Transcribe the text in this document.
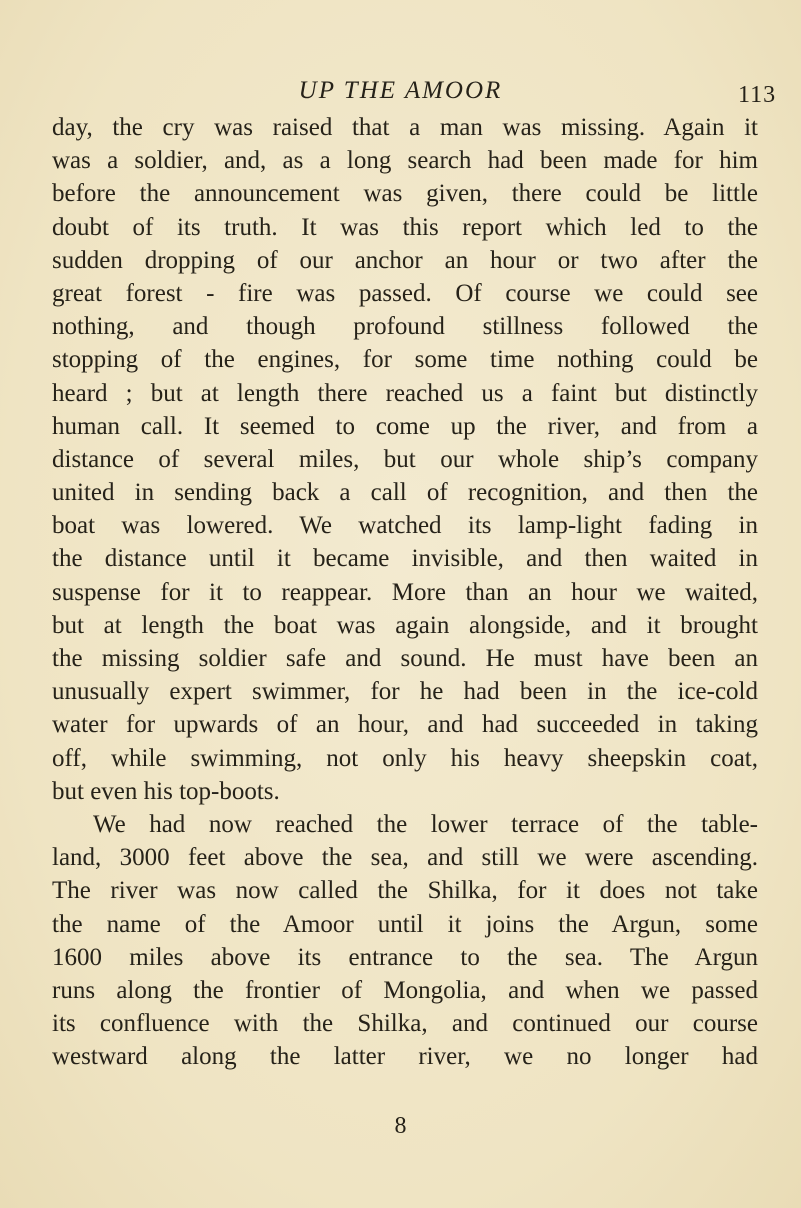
UP THE AMOOR	113
day, the cry was raised that a man was missing. Again it
was a soldier, and, as a long search had been made for him
before the announcement was given, there could be little
doubt of its truth. It was this report which led to the
sudden dropping of our anchor an hour or two after the
great forest - fire was passed. Of course we could see
nothing, and though profound stillness followed the
stopping of the engines, for some time nothing could be
heard ; but at length there reached us a faint but distinctly
human call. It seemed to come up the river, and from a
distance of several miles, but our whole ship’s company
united in sending back a call of recognition, and then the
boat was lowered. We watched its lamp-light fading in
the distance until it became invisible, and then waited in
suspense for it to reappear. More than an hour we waited,
but at length the boat was again alongside, and it brought
the missing soldier safe and sound. He must have been an
unusually expert swimmer, for he had been in the ice-cold
water for upwards of an hour, and had succeeded in taking
off, while swimming, not only his heavy sheepskin coat,
but even his top-boots.
We had now reached the lower terrace of the table-
land, 3000 feet above the sea, and still we were ascending.
The river was now called the Shilka, for it does not take
the name of the Amoor until it joins the Argun, some
1600 miles above its entrance to the sea. The Argun
runs along the frontier of Mongolia, and when we passed
its confluence with the Shilka, and continued our course
westward along the latter river, we no longer had
8
